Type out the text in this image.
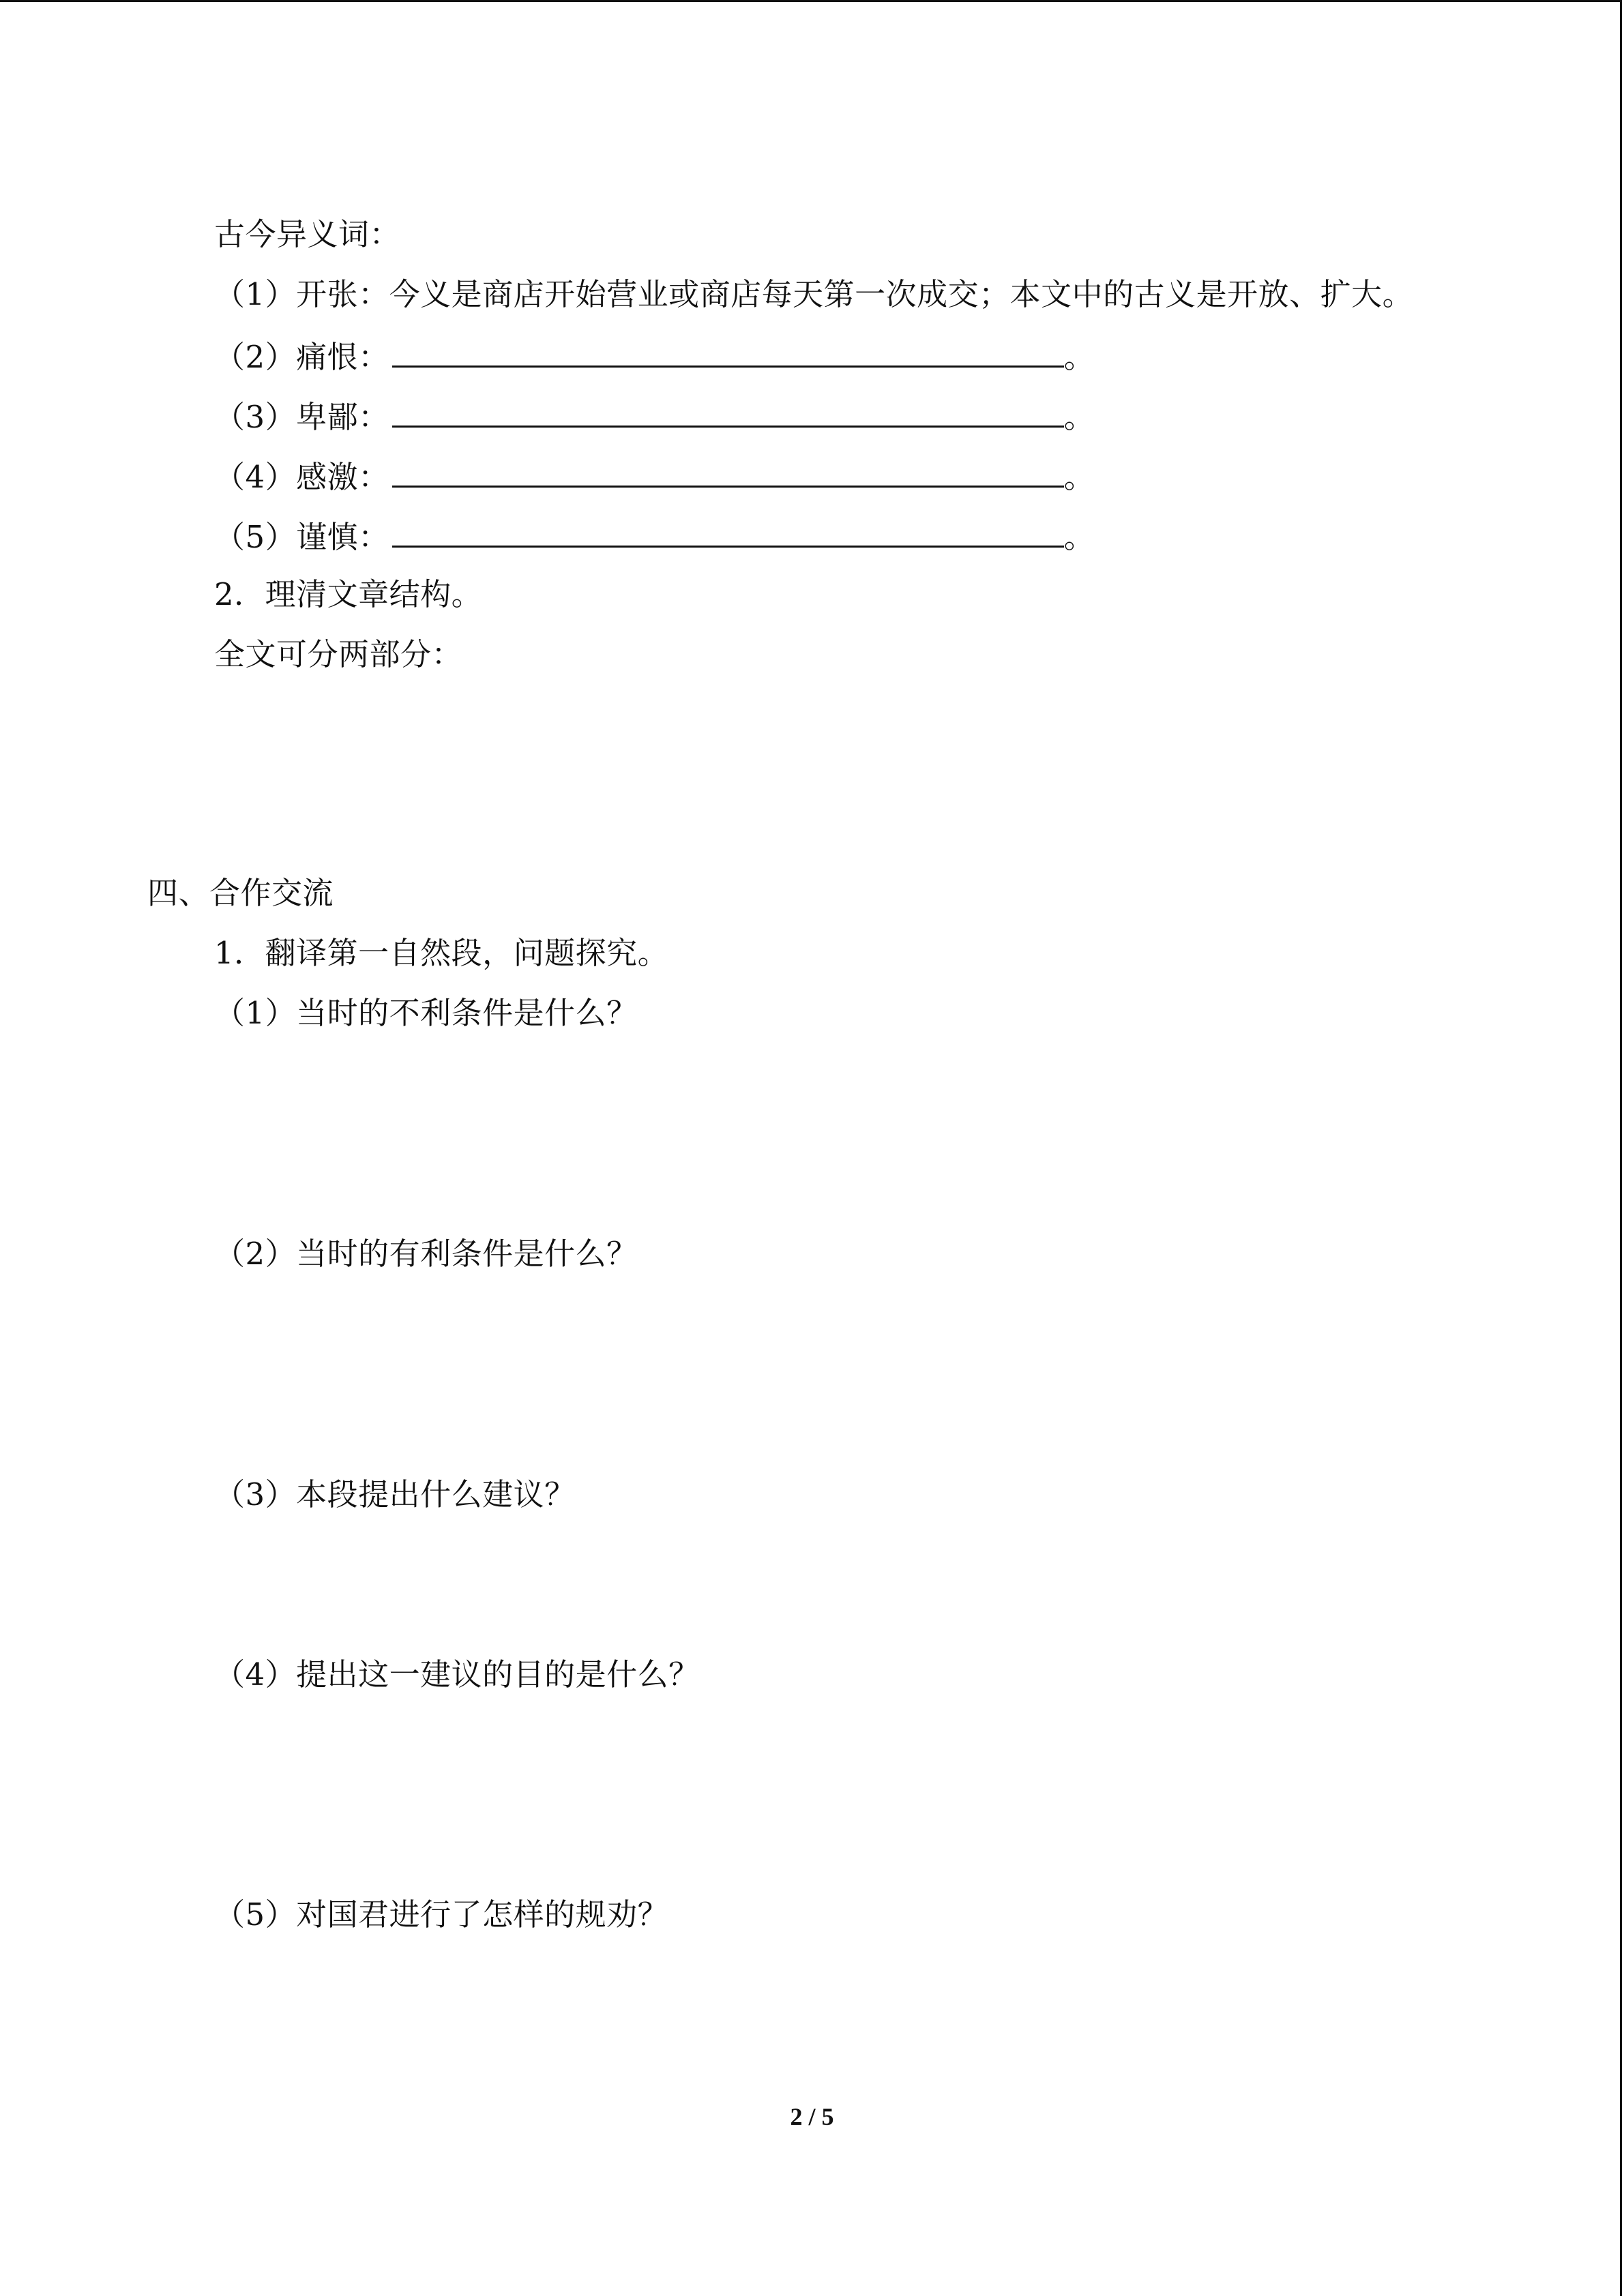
古今异义词：
（1）开张：今义是商店开始营业或商店每天第一次成交；本文中的古义是开放、扩大。
（2）痛恨：	。
（3）卑鄙：	。
（4）感激：	。
（5）谨慎：	。
2．理清文章结构。
全文可分两部分：
四、合作交流
1．翻译第一自然段，问题探究。
（1）当时的不利条件是什么？
（2）当时的有利条件是什么？
（3）本段提出什么建议？
（4）提出这一建议的目的是什么？
（5）对国君进行了怎样的规劝？
2 / 5
